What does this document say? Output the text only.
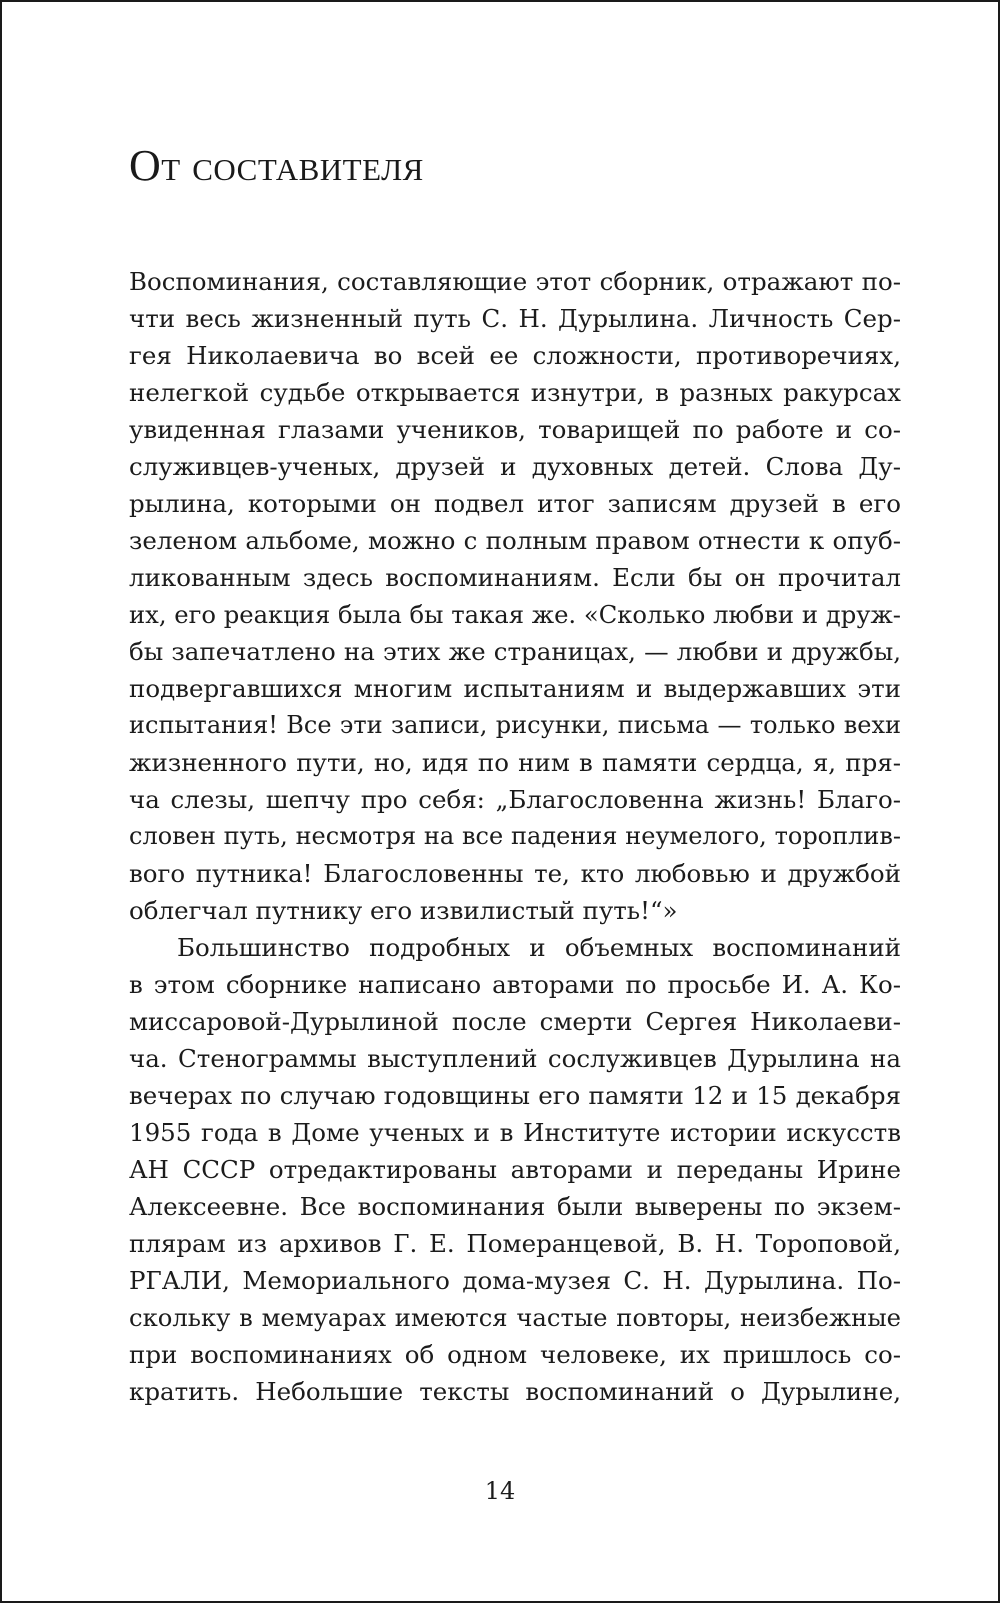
От составителя
Воспоминания, составляющие этот сборник, отражают по-
чти весь жизненный путь С. Н. Дурылина. Личность Сер-
гея Николаевича во всей ее сложности, противоречиях,
нелегкой судьбе открывается изнутри, в разных ракурсах
увиденная глазами учеников, товарищей по работе и со-
служивцев-ученых, друзей и духовных детей. Слова Ду-
рылина, которыми он подвел итог записям друзей в его
зеленом альбоме, можно с полным правом отнести к опуб-
ликованным здесь воспоминаниям. Если бы он прочитал
их, его реакция была бы такая же. «Сколько любви и друж-
бы запечатлено на этих же страницах, — любви и дружбы,
подвергавшихся многим испытаниям и выдержавших эти
испытания! Все эти записи, рисунки, письма — только вехи
жизненного пути, но, идя по ним в памяти сердца, я, пря-
ча слезы, шепчу про себя: „Благословенна жизнь! Благо-
словен путь, несмотря на все падения неумелого, тороплив-
вого путника! Благословенны те, кто любовью и дружбой
облегчал путнику его извилистый путь!“»
Большинство подробных и объемных воспоминаний
в этом сборнике написано авторами по просьбе И. А. Ко-
миссаровой-Дурылиной после смерти Сергея Николаеви-
ча. Стенограммы выступлений сослуживцев Дурылина на
вечерах по случаю годовщины его памяти 12 и 15 декабря
1955 года в Доме ученых и в Институте истории искусств
АН СССР отредактированы авторами и переданы Ирине
Алексеевне. Все воспоминания были выверены по экзем-
плярам из архивов Г. Е. Померанцевой, В. Н. Тороповой,
РГАЛИ, Мемориального дома-музея С. Н. Дурылина. По-
скольку в мемуарах имеются частые повторы, неизбежные
при воспоминаниях об одном человеке, их пришлось со-
кратить. Небольшие тексты воспоминаний о Дурылине,
14
